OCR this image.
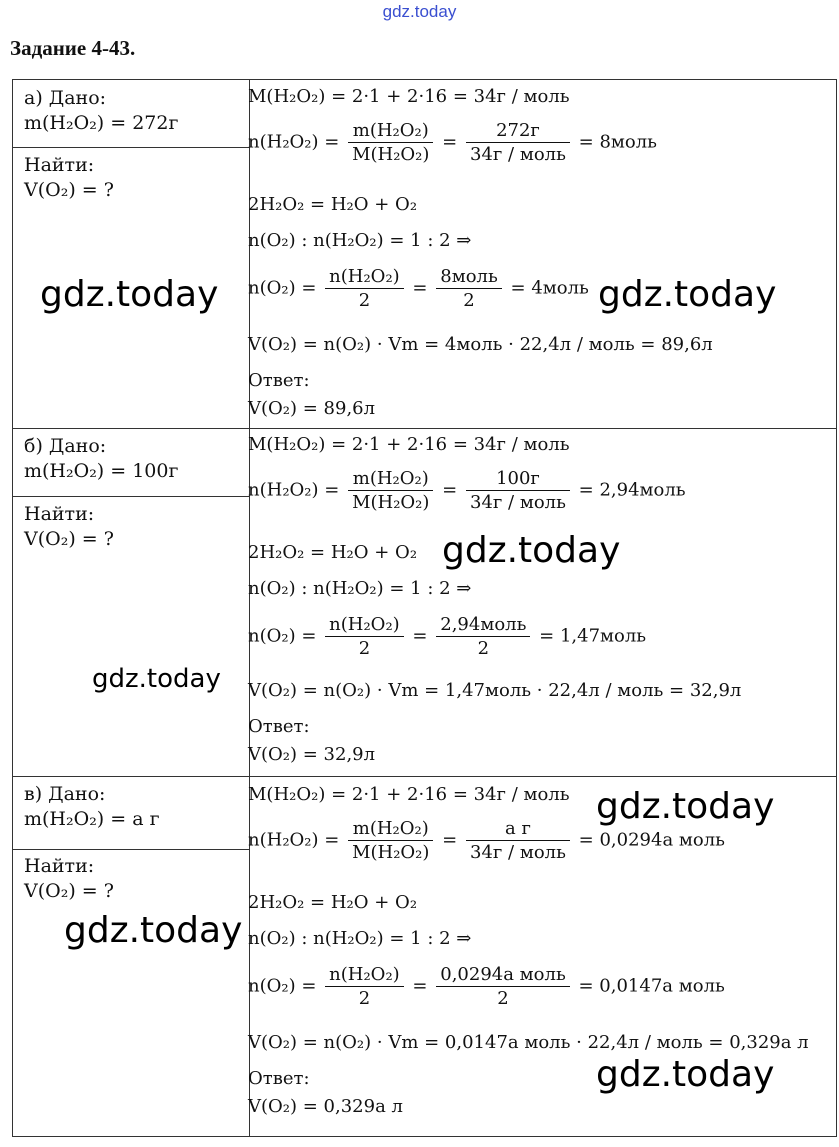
gdz.today
Задание 4-43.
а) Дано:
m(H₂O₂) = 272г
Найти:
V(O₂) = ?
M(H₂O₂) = 2·1 + 2·16 = 34г / моль
$n(H_2O_2) = \frac{\text{m(H₂O₂)}}{\text{M(H₂O₂)}} = \frac{272г}{\text{34г / моль}}$ = 8моль
2H₂O₂ = H₂O + O₂
n(O₂) : n(H₂O₂) = 1 : 2 ⇒
$n(O_2) = \frac{\text{n(H₂O₂)}}{2} = \frac{\text{8моль}}{2}$ = 4моль
V(O₂) = n(O₂) · Vm = 4моль · 22,4л / моль = 89,6л
Ответ:
V(O₂) = 89,6л
б) Дано:
m(H₂O₂) = 100г
Найти:
V(O₂) = ?
M(H₂O₂) = 2·1 + 2·16 = 34г / моль
$n(H_2O_2) = \frac{\text{m(H₂O₂)}}{\text{M(H₂O₂)}} = \frac{100г}{\text{34г / моль}}$ = 2,94моль
2H₂O₂ = H₂O + O₂
n(O₂) : n(H₂O₂) = 1 : 2 ⇒
$n(O_2) = \frac{\text{n(H₂O₂)}}{2} = \frac{\text{2,94моль}}{2}$ = 1,47моль
V(O₂) = n(O₂) · Vm = 1,47моль · 22,4л / моль = 32,9л
Ответ:
V(O₂) = 32,9л
в) Дано:
m(H₂O₂) = a г
Найти:
V(O₂) = ?
M(H₂O₂) = 2·1 + 2·16 = 34г / моль
$n(H_2O_2) = \frac{\text{m(H₂O₂)}}{\text{M(H₂O₂)}} = \frac{\text{a г}}{\text{34г / моль}} = 0,0294a$ моль
2H₂O₂ = H₂O + O₂
n(O₂) : n(H₂O₂) = 1 : 2 ⇒
$n(O_2) = \frac{\text{n(H₂O₂)}}{2} = \frac{\text{0,0294a моль}}{2} = 0,0147a$ моль
V(O₂) = n(O₂) · Vm = 0,0147a моль · 22,4л / моль = 0,329a л
Ответ:
V(O₂) = 0,329a л
gdz.today	gdz.today
gdz.today
gdz.today
gdz.today
gdz.today
gdz.today
